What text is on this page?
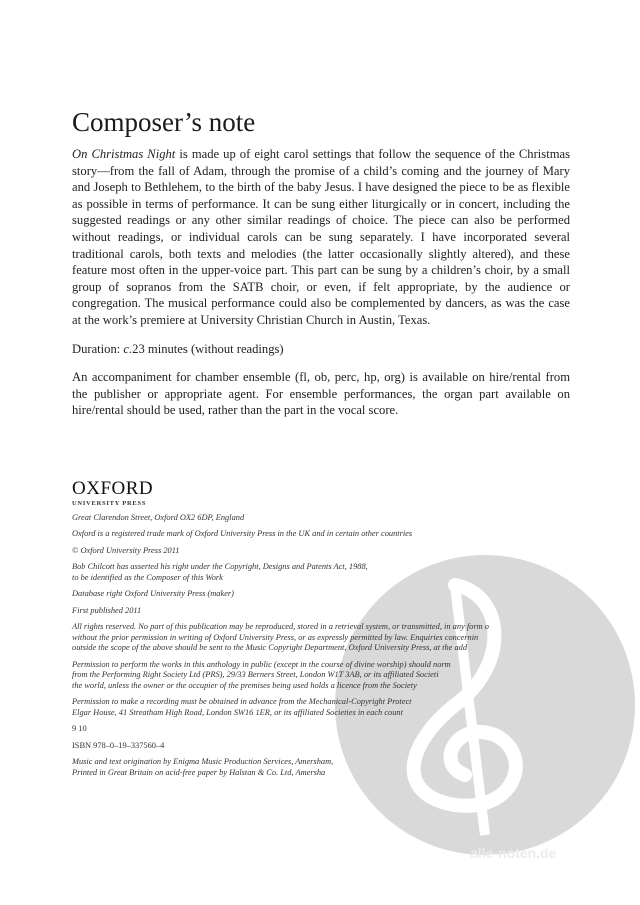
alle-noten.de
Composer’s note

On Christmas Night is made up of eight carol settings that follow the sequence of the Christmas story—from the fall of Adam, through the promise of a child’s coming and the journey of Mary and Joseph to Bethlehem, to the birth of the baby Jesus. I have designed the piece to be as flexible as possible in terms of performance. It can be sung either liturgically or in concert, including the suggested readings or any other similar readings of choice. The piece can also be performed without readings, or individual carols can be sung separately. I have incorporated several traditional carols, both texts and melodies (the latter occasionally slightly altered), and these feature most often in the upper-voice part. This part can be sung by a children’s choir, by a small group of sopranos from the SATB choir, or even, if felt appropriate, by the audience or congregation. The musical performance could also be complemented by dancers, as was the case at the work’s premiere at University Christian Church in Austin, Texas.

Duration: c.23 minutes (without readings)

An accompaniment for chamber ensemble (fl, ob, perc, hp, org) is available on hire/rental from the publisher or appropriate agent. For ensemble performances, the organ part available on hire/rental should be used, rather than the part in the vocal score.

OXFORD

UNIVERSITY PRESS

Great Clarendon Street, Oxford OX2 6DP, England

Oxford is a registered trade mark of Oxford University Press in the UK and in certain other countries

© Oxford University Press 2011

Bob Chilcott has asserted his right under the Copyright, Designs and Patents Act, 1988,
to be identified as the Composer of this Work

Database right Oxford University Press (maker)

First published 2011

All rights reserved. No part of this publication may be reproduced, stored in a retrieval system, or transmitted, in any form o
without the prior permission in writing of Oxford University Press, or as expressly permitted by law. Enquiries concernin
outside the scope of the above should be sent to the Music Copyright Department, Oxford University Press, at the add

Permission to perform the works in this anthology in public (except in the course of divine worship) should norm
from the Performing Right Society Ltd (PRS), 29/33 Berners Street, London W1T 3AB, or its affiliated Societi
the world, unless the owner or the occupier of the premises being used holds a licence from the Society

Permission to make a recording must be obtained in advance from the Mechanical-Copyright Protect
Elgar House, 41 Streatham High Road, London SW16 1ER, or its affiliated Societies in each count

9 10

ISBN 978–0–19–337560–4

Music and text origination by Enigma Music Production Services, Amersham,
Printed in Great Britain on acid-free paper by Halstan & Co. Ltd, Amersha
